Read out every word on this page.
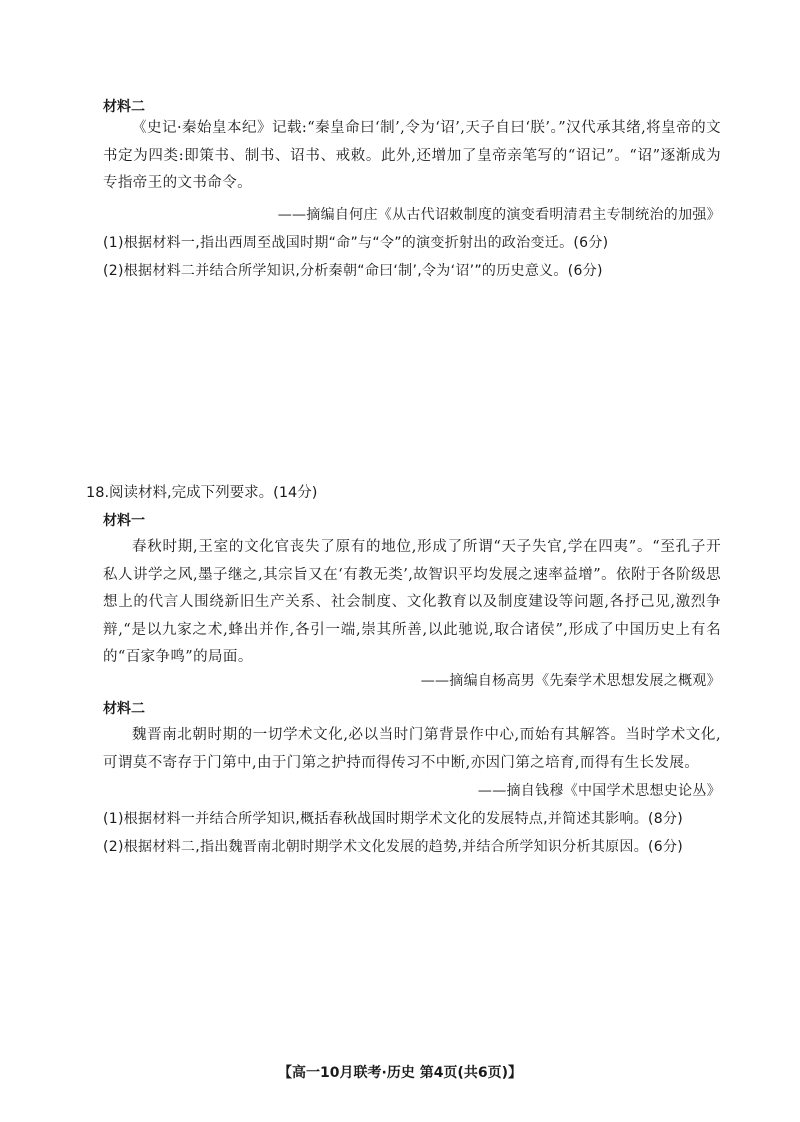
材料二

《史记·秦始皇本纪》记载:“秦皇命曰‘制’,令为‘诏’,天子自曰‘朕’。”汉代承其绪,将皇帝的文书定为四类:即策书、制书、诏书、戒敕。此外,还增加了皇帝亲笔写的“诏记”。“诏”逐渐成为专指帝王的文书命令。

——摘编自何庄《从古代诏敕制度的演变看明清君主专制统治的加强》
(1)根据材料一,指出西周至战国时期“命”与“令”的演变折射出的政治变迁。(6分)
(2)根据材料二并结合所学知识,分析秦朝“命曰‘制’,令为‘诏’”的历史意义。(6分)
18.阅读材料,完成下列要求。(14分)
材料一

春秋时期,王室的文化官丧失了原有的地位,形成了所谓“天子失官,学在四夷”。“至孔子开私人讲学之风,墨子继之,其宗旨又在‘有教无类’,故智识平均发展之速率益增”。依附于各阶级思想上的代言人围绕新旧生产关系、社会制度、文化教育以及制度建设等问题,各抒己见,激烈争辩,“是以九家之术,蜂出并作,各引一端,崇其所善,以此驰说,取合诸侯”,形成了中国历史上有名的“百家争鸣”的局面。

——摘编自杨高男《先秦学术思想发展之概观》
材料二

魏晋南北朝时期的一切学术文化,必以当时门第背景作中心,而始有其解答。当时学术文化,可谓莫不寄存于门第中,由于门第之护持而得传习不中断,亦因门第之培育,而得有生长发展。

——摘自钱穆《中国学术思想史论丛》
(1)根据材料一并结合所学知识,概括春秋战国时期学术文化的发展特点,并简述其影响。(8分)
(2)根据材料二,指出魏晋南北朝时期学术文化发展的趋势,并结合所学知识分析其原因。(6分)
【高一10月联考·历史 第4页(共6页)】
